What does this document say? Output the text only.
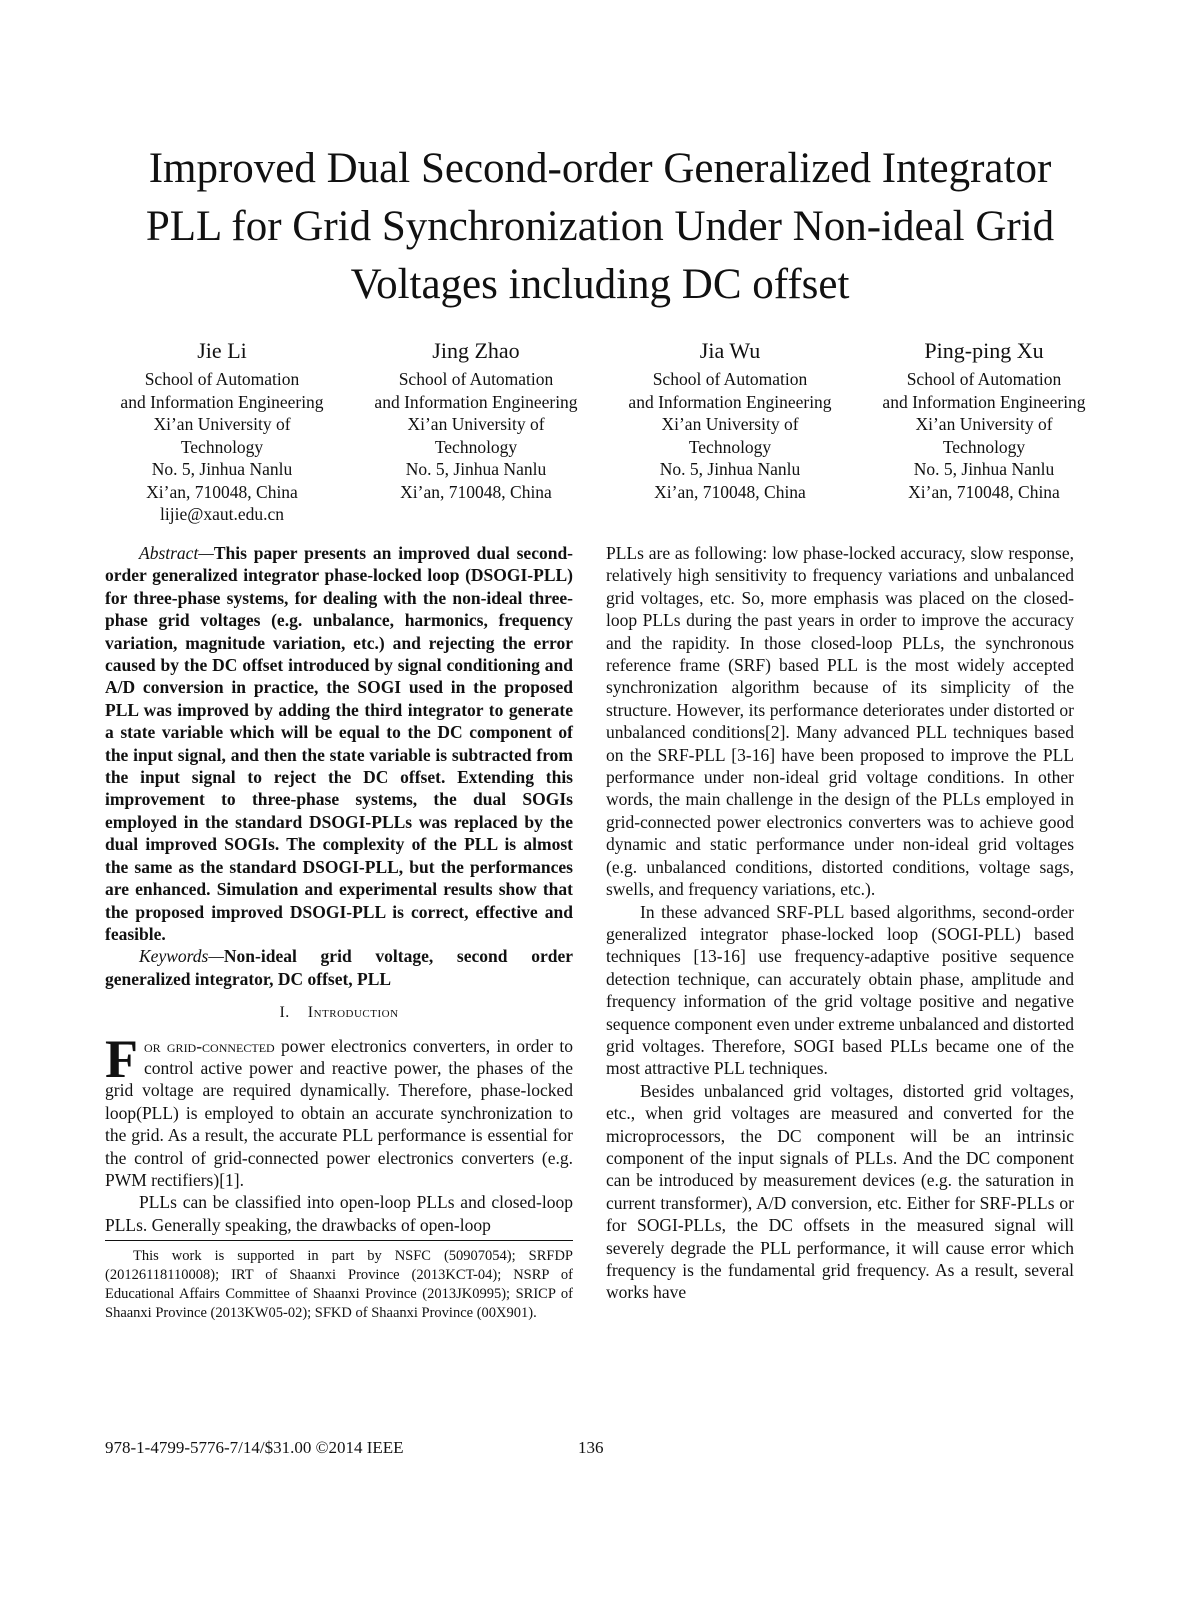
Improved Dual Second-order Generalized Integrator
PLL for Grid Synchronization Under Non-ideal Grid
Voltages including DC offset
Jie Li
School of Automation
and Information Engineering
Xi’an University of
Technology
No. 5, Jinhua Nanlu
Xi’an, 710048, China
lijie@xaut.edu.cn
Jing Zhao
School of Automation
and Information Engineering
Xi’an University of
Technology
No. 5, Jinhua Nanlu
Xi’an, 710048, China
Jia Wu
School of Automation
and Information Engineering
Xi’an University of
Technology
No. 5, Jinhua Nanlu
Xi’an, 710048, China
Ping-ping Xu
School of Automation
and Information Engineering
Xi’an University of
Technology
No. 5, Jinhua Nanlu
Xi’an, 710048, China

Abstract—This paper presents an improved dual second-order generalized integrator phase-locked loop (DSOGI-PLL) for three-phase systems, for dealing with the non-ideal three-phase grid voltages (e.g. unbalance, harmonics, frequency variation, magnitude variation, etc.) and rejecting the error caused by the DC offset introduced by signal conditioning and A/D conversion in practice, the SOGI used in the proposed PLL was improved by adding the third integrator to generate a state variable which will be equal to the DC component of the input signal, and then the state variable is subtracted from the input signal to reject the DC offset. Extending this improvement to three-phase systems, the dual SOGIs employed in the standard DSOGI-PLLs was replaced by the dual improved SOGIs. The complexity of the PLL is almost the same as the standard DSOGI-PLL, but the performances are enhanced. Simulation and experimental results show that the proposed improved DSOGI-PLL is correct, effective and feasible.

Keywords—Non-ideal grid voltage, second order generalized integrator, DC offset, PLL

I. Introduction

For grid-connected power electronics converters, in order to control active power and reactive power, the phases of the grid voltage are required dynamically. Therefore, phase-locked loop(PLL) is employed to obtain an accurate synchronization to the grid. As a result, the accurate PLL performance is essential for the control of grid-connected power electronics converters (e.g. PWM rectifiers)[1].

PLLs can be classified into open-loop PLLs and closed-loop PLLs. Generally speaking, the drawbacks of open-loop

This work is supported in part by NSFC (50907054); SRFDP (20126118110008); IRT of Shaanxi Province (2013KCT-04); NSRP of Educational Affairs Committee of Shaanxi Province (2013JK0995); SRICP of Shaanxi Province (2013KW05-02); SFKD of Shaanxi Province (00X901).

PLLs are as following: low phase-locked accuracy, slow response, relatively high sensitivity to frequency variations and unbalanced grid voltages, etc. So, more emphasis was placed on the closed-loop PLLs during the past years in order to improve the accuracy and the rapidity. In those closed-loop PLLs, the synchronous reference frame (SRF) based PLL is the most widely accepted synchronization algorithm because of its simplicity of the structure. However, its performance deteriorates under distorted or unbalanced conditions[2]. Many advanced PLL techniques based on the SRF-PLL [3-16] have been proposed to improve the PLL performance under non-ideal grid voltage conditions. In other words, the main challenge in the design of the PLLs employed in grid-connected power electronics converters was to achieve good dynamic and static performance under non-ideal grid voltages (e.g. unbalanced conditions, distorted conditions, voltage sags, swells, and frequency variations, etc.).

In these advanced SRF-PLL based algorithms, second-order generalized integrator phase-locked loop (SOGI-PLL) based techniques [13-16] use frequency-adaptive positive sequence detection technique, can accurately obtain phase, amplitude and frequency information of the grid voltage positive and negative sequence component even under extreme unbalanced and distorted grid voltages. Therefore, SOGI based PLLs became one of the most attractive PLL techniques.

Besides unbalanced grid voltages, distorted grid voltages, etc., when grid voltages are measured and converted for the microprocessors, the DC component will be an intrinsic component of the input signals of PLLs. And the DC component can be introduced by measurement devices (e.g. the saturation in current transformer), A/D conversion, etc. Either for SRF-PLLs or for SOGI-PLLs, the DC offsets in the measured signal will severely degrade the PLL performance, it will cause error which frequency is the fundamental grid frequency. As a result, several works have

978-1-4799-5776-7/14/$31.00 ©2014 IEEE	136
